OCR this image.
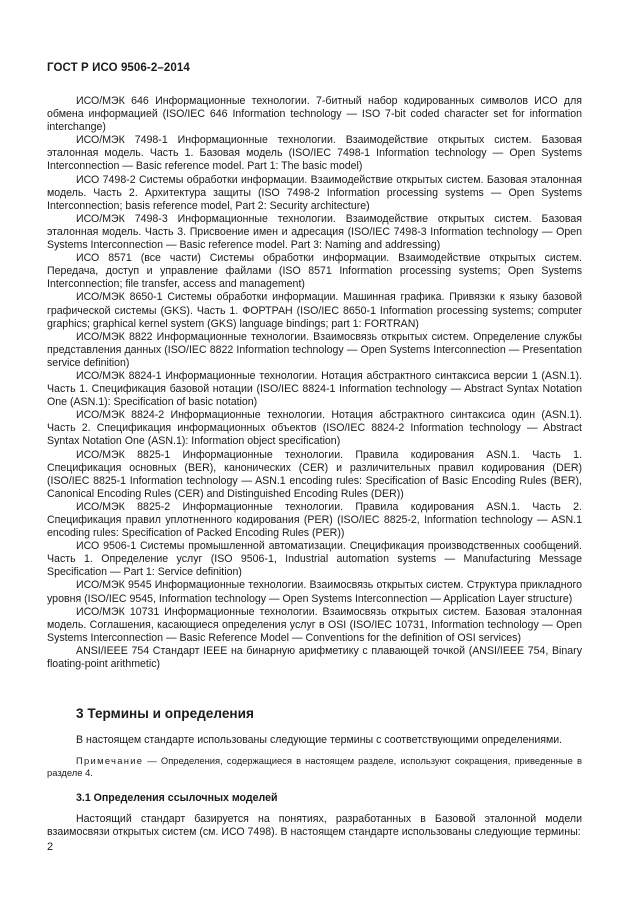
ГОСТ Р ИСО 9506-2–2014

ИСО/МЭК 646 Информационные технологии. 7-битный набор кодированных символов ИСО для обмена информацией (ISO/IEC 646 Information technology — ISO 7-bit coded character set for information interchange)

ИСО/МЭК 7498-1 Информационные технологии. Взаимодействие открытых систем. Базовая эталонная модель. Часть 1. Базовая модель (ISO/IEC 7498-1 Information technology — Open Systems Interconnection — Basic reference model. Part 1: The basic model)

ИСО 7498-2 Системы обработки информации. Взаимодействие открытых систем. Базовая эталонная модель. Часть 2. Архитектура защиты (ISO 7498-2 Information processing systems — Open Systems Interconnection; basis reference model, Part 2: Security architecture)

ИСО/МЭК 7498-3 Информационные технологии. Взаимодействие открытых систем. Базовая эталонная модель. Часть 3. Присвоение имен и адресация (ISO/IEC 7498-3 Information technology — Open Systems Interconnection — Basic reference model. Part 3: Naming and addressing)

ИСО 8571 (все части) Системы обработки информации. Взаимодействие открытых систем. Передача, доступ и управление файлами (ISO 8571 Information processing systems; Open Systems Interconnection; file transfer, access and management)

ИСО/МЭК 8650-1 Системы обработки информации. Машинная графика. Привязки к языку базовой графической системы (GKS). Часть 1. ФОРТРАН (ISO/IEC 8650-1 Information processing systems; computer graphics; graphical kernel system (GKS) language bindings; part 1: FORTRAN)

ИСО/МЭК 8822 Информационные технологии. Взаимосвязь открытых систем. Определение службы представления данных (ISO/IEC 8822 Information technology — Open Systems Interconnection — Presentation service definition)

ИСО/МЭК 8824-1 Информационные технологии. Нотация абстрактного синтаксиса версии 1 (ASN.1). Часть 1. Спецификация базовой нотации (ISO/IEC 8824-1 Information technology — Abstract Syntax Notation One (ASN.1): Specification of basic notation)

ИСО/МЭК 8824-2 Информационные технологии. Нотация абстрактного синтаксиса один (ASN.1). Часть 2. Спецификация информационных объектов (ISO/IEC 8824-2 Information technology — Abstract Syntax Notation One (ASN.1): Information object specification)

ИСО/МЭК 8825-1 Информационные технологии. Правила кодирования ASN.1. Часть 1. Спецификация основных (BER), канонических (CER) и различительных правил кодирования (DER) (ISO/IEC 8825-1 Information technology — ASN.1 encoding rules: Specification of Basic Encoding Rules (BER), Canonical Encoding Rules (CER) and Distinguished Encoding Rules (DER))

ИСО/МЭК 8825-2 Информационные технологии. Правила кодирования ASN.1. Часть 2. Спецификация правил уплотненного кодирования (PER) (ISO/IEC 8825-2, Information technology — ASN.1 encoding rules: Specification of Packed Encoding Rules (PER))

ИСО 9506-1 Системы промышленной автоматизации. Спецификация производственных сообщений. Часть 1. Определение услуг (ISO 9506-1, Industrial automation systems — Manufacturing Message Specification — Part 1: Service definition)

ИСО/МЭК 9545 Информационные технологии. Взаимосвязь открытых систем. Структура прикладного уровня (ISO/IEC 9545, Information technology — Open Systems Interconnection — Application Layer structure)

ИСО/МЭК 10731 Информационные технологии. Взаимосвязь открытых систем. Базовая эталонная модель. Соглашения, касающиеся определения услуг в OSI (ISO/IEC 10731, Information technology — Open Systems Interconnection — Basic Reference Model — Conventions for the definition of OSI services)

ANSI/IEEE 754 Стандарт IEEE на бинарную арифметику с плавающей точкой (ANSI/IEEE 754, Binary floating-point arithmetic)

3 Термины и определения

В настоящем стандарте использованы следующие термины с соответствующими определениями.

Примечание — Определения, содержащиеся в настоящем разделе, используют сокращения, приведенные в разделе 4.

3.1 Определения ссылочных моделей

Настоящий стандарт базируется на понятиях, разработанных в Базовой эталонной модели взаимосвязи открытых систем (см. ИСО 7498). В настоящем стандарте использованы следующие термины:

2
